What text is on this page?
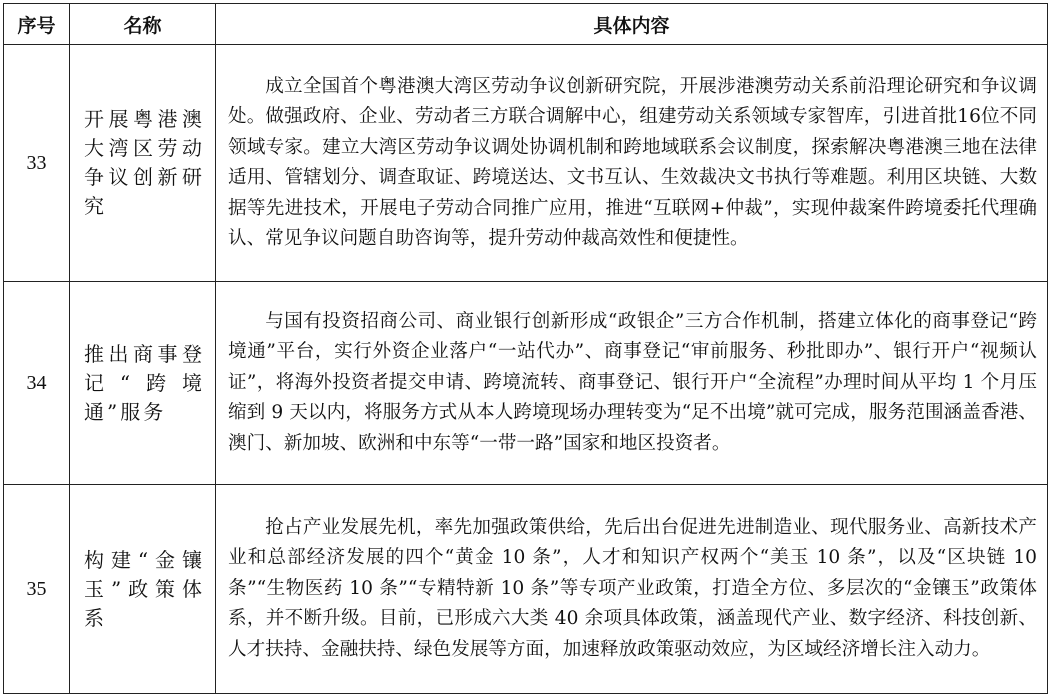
序号	名称	具体内容
33	开展粤港澳大湾区劳动争议创新研究	成立全国首个粤港澳大湾区劳动争议创新研究院，开展涉港澳劳动关系前沿理论研究和争议调处。做强政府、企业、劳动者三方联合调解中心，组建劳动关系领域专家智库，引进首批16位不同领域专家。建立大湾区劳动争议调处协调机制和跨地域联系会议制度，探索解决粤港澳三地在法律适用、管辖划分、调查取证、跨境送达、文书互认、生效裁决文书执行等难题。利用区块链、大数据等先进技术，开展电子劳动合同推广应用，推进“互联网+仲裁”，实现仲裁案件跨境委托代理确认、常见争议问题自助咨询等，提升劳动仲裁高效性和便捷性。

34	推出商事登记“跨境通”服务	与国有投资招商公司、商业银行创新形成“政银企”三方合作机制，搭建立体化的商事登记“跨境通”平台，实行外资企业落户“一站代办”、商事登记“审前服务、秒批即办”、银行开户“视频认证”，将海外投资者提交申请、跨境流转、商事登记、银行开户“全流程”办理时间从平均 1 个月压缩到 9 天以内，将服务方式从本人跨境现场办理转变为“足不出境”就可完成，服务范围涵盖香港、澳门、新加坡、欧洲和中东等“一带一路”国家和地区投资者。

35	构建“金镶玉”政策体系	抢占产业发展先机，率先加强政策供给，先后出台促进先进制造业、现代服务业、高新技术产业和总部经济发展的四个“黄金 10 条”，人才和知识产权两个“美玉 10 条”，以及“区块链 10 条”“生物医药 10 条”“专精特新 10 条”等专项产业政策，打造全方位、多层次的“金镶玉”政策体系，并不断升级。目前，已形成六大类 40 余项具体政策，涵盖现代产业、数字经济、科技创新、人才扶持、金融扶持、绿色发展等方面，加速释放政策驱动效应，为区域经济增长注入动力。
